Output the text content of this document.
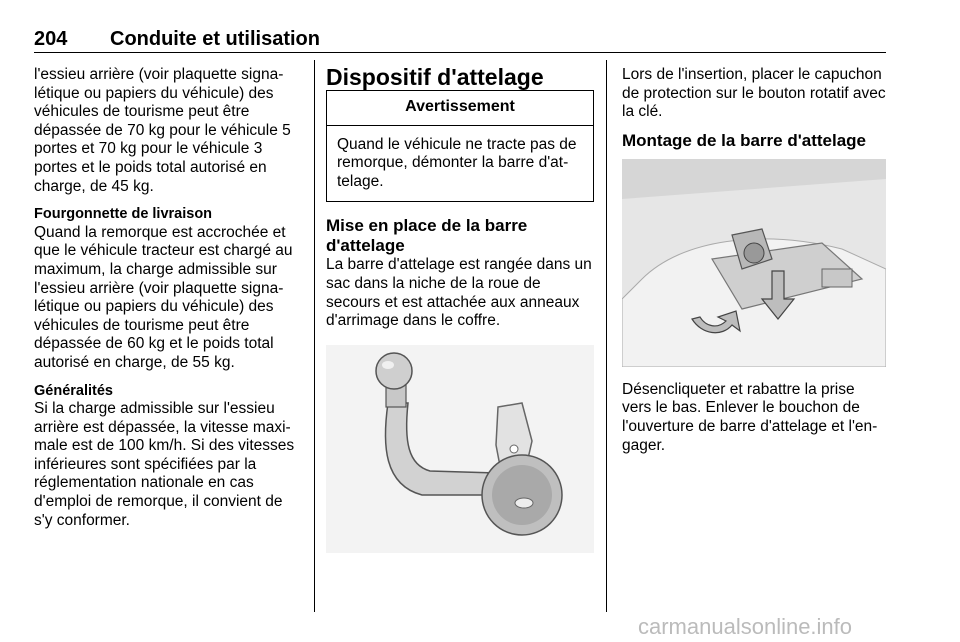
204 Conduite et utilisation

l'essieu arrière (voir plaquette signa-létique ou papiers du véhicule) des véhicules de tourisme peut être dépassée de 70 kg pour le véhicule 5 portes et 70 kg pour le véhicule 3 portes et le poids total autorisé en charge, de 45 kg.

Fourgonnette de livraison

Quand la remorque est accrochée et que le véhicule tracteur est chargé au maximum, la charge admissible sur l'essieu arrière (voir plaquette signa-létique ou papiers du véhicule) des véhicules de tourisme peut être dépassée de 60 kg et le poids total autorisé en charge, de 55 kg.

Généralités

Si la charge admissible sur l'essieu arrière est dépassée, la vitesse maxi-male est de 100 km/h. Si des vitesses inférieures sont spécifiées par la réglementation nationale en cas d'emploi de remorque, il convient de s'y conformer.

Dispositif d'attelage

Avertissement
Quand le véhicule ne tracte pas de remorque, démonter la barre d'at-telage.

Mise en place de la barre d'attelage

La barre d'attelage est rangée dans un sac dans la niche de la roue de secours et est attachée aux anneaux d'arrimage dans le coffre.

Lors de l'insertion, placer le capuchon de protection sur le bouton rotatif avec la clé.

Montage de la barre d'attelage

Désencliqueter et rabattre la prise vers le bas. Enlever le bouchon de l'ouverture de barre d'attelage et l'en-gager.

carmanualsonline.info
